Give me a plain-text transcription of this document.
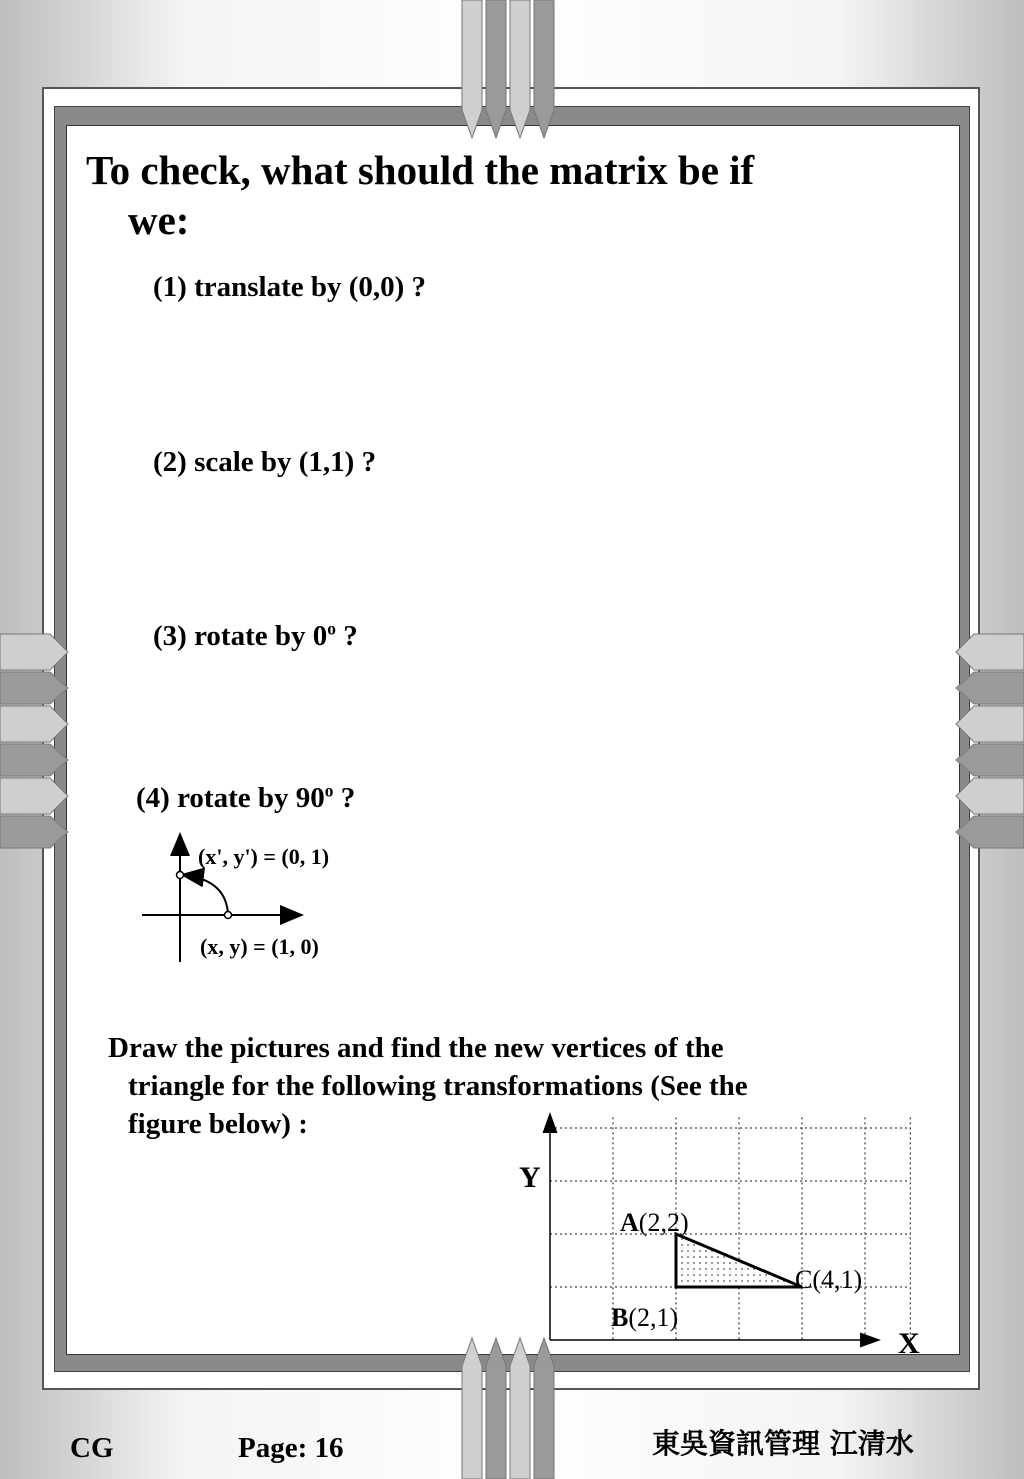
To check, what should the matrix be if
we:
(1) translate by (0,0) ?
(2) scale by (1,1) ?
(3) rotate by 0$^o$ ?
(4) rotate by 90$^o$ ?
(x', y') = (0, 1)
(x, y) = (1, 0)
Draw the pictures and find the new vertices of the
triangle for the following transformations (See the
figure below) :
Y
X
A(2,2)
B(2,1)
C(4,1)
CG	Page: 16	東吳資訊管理 江清水
